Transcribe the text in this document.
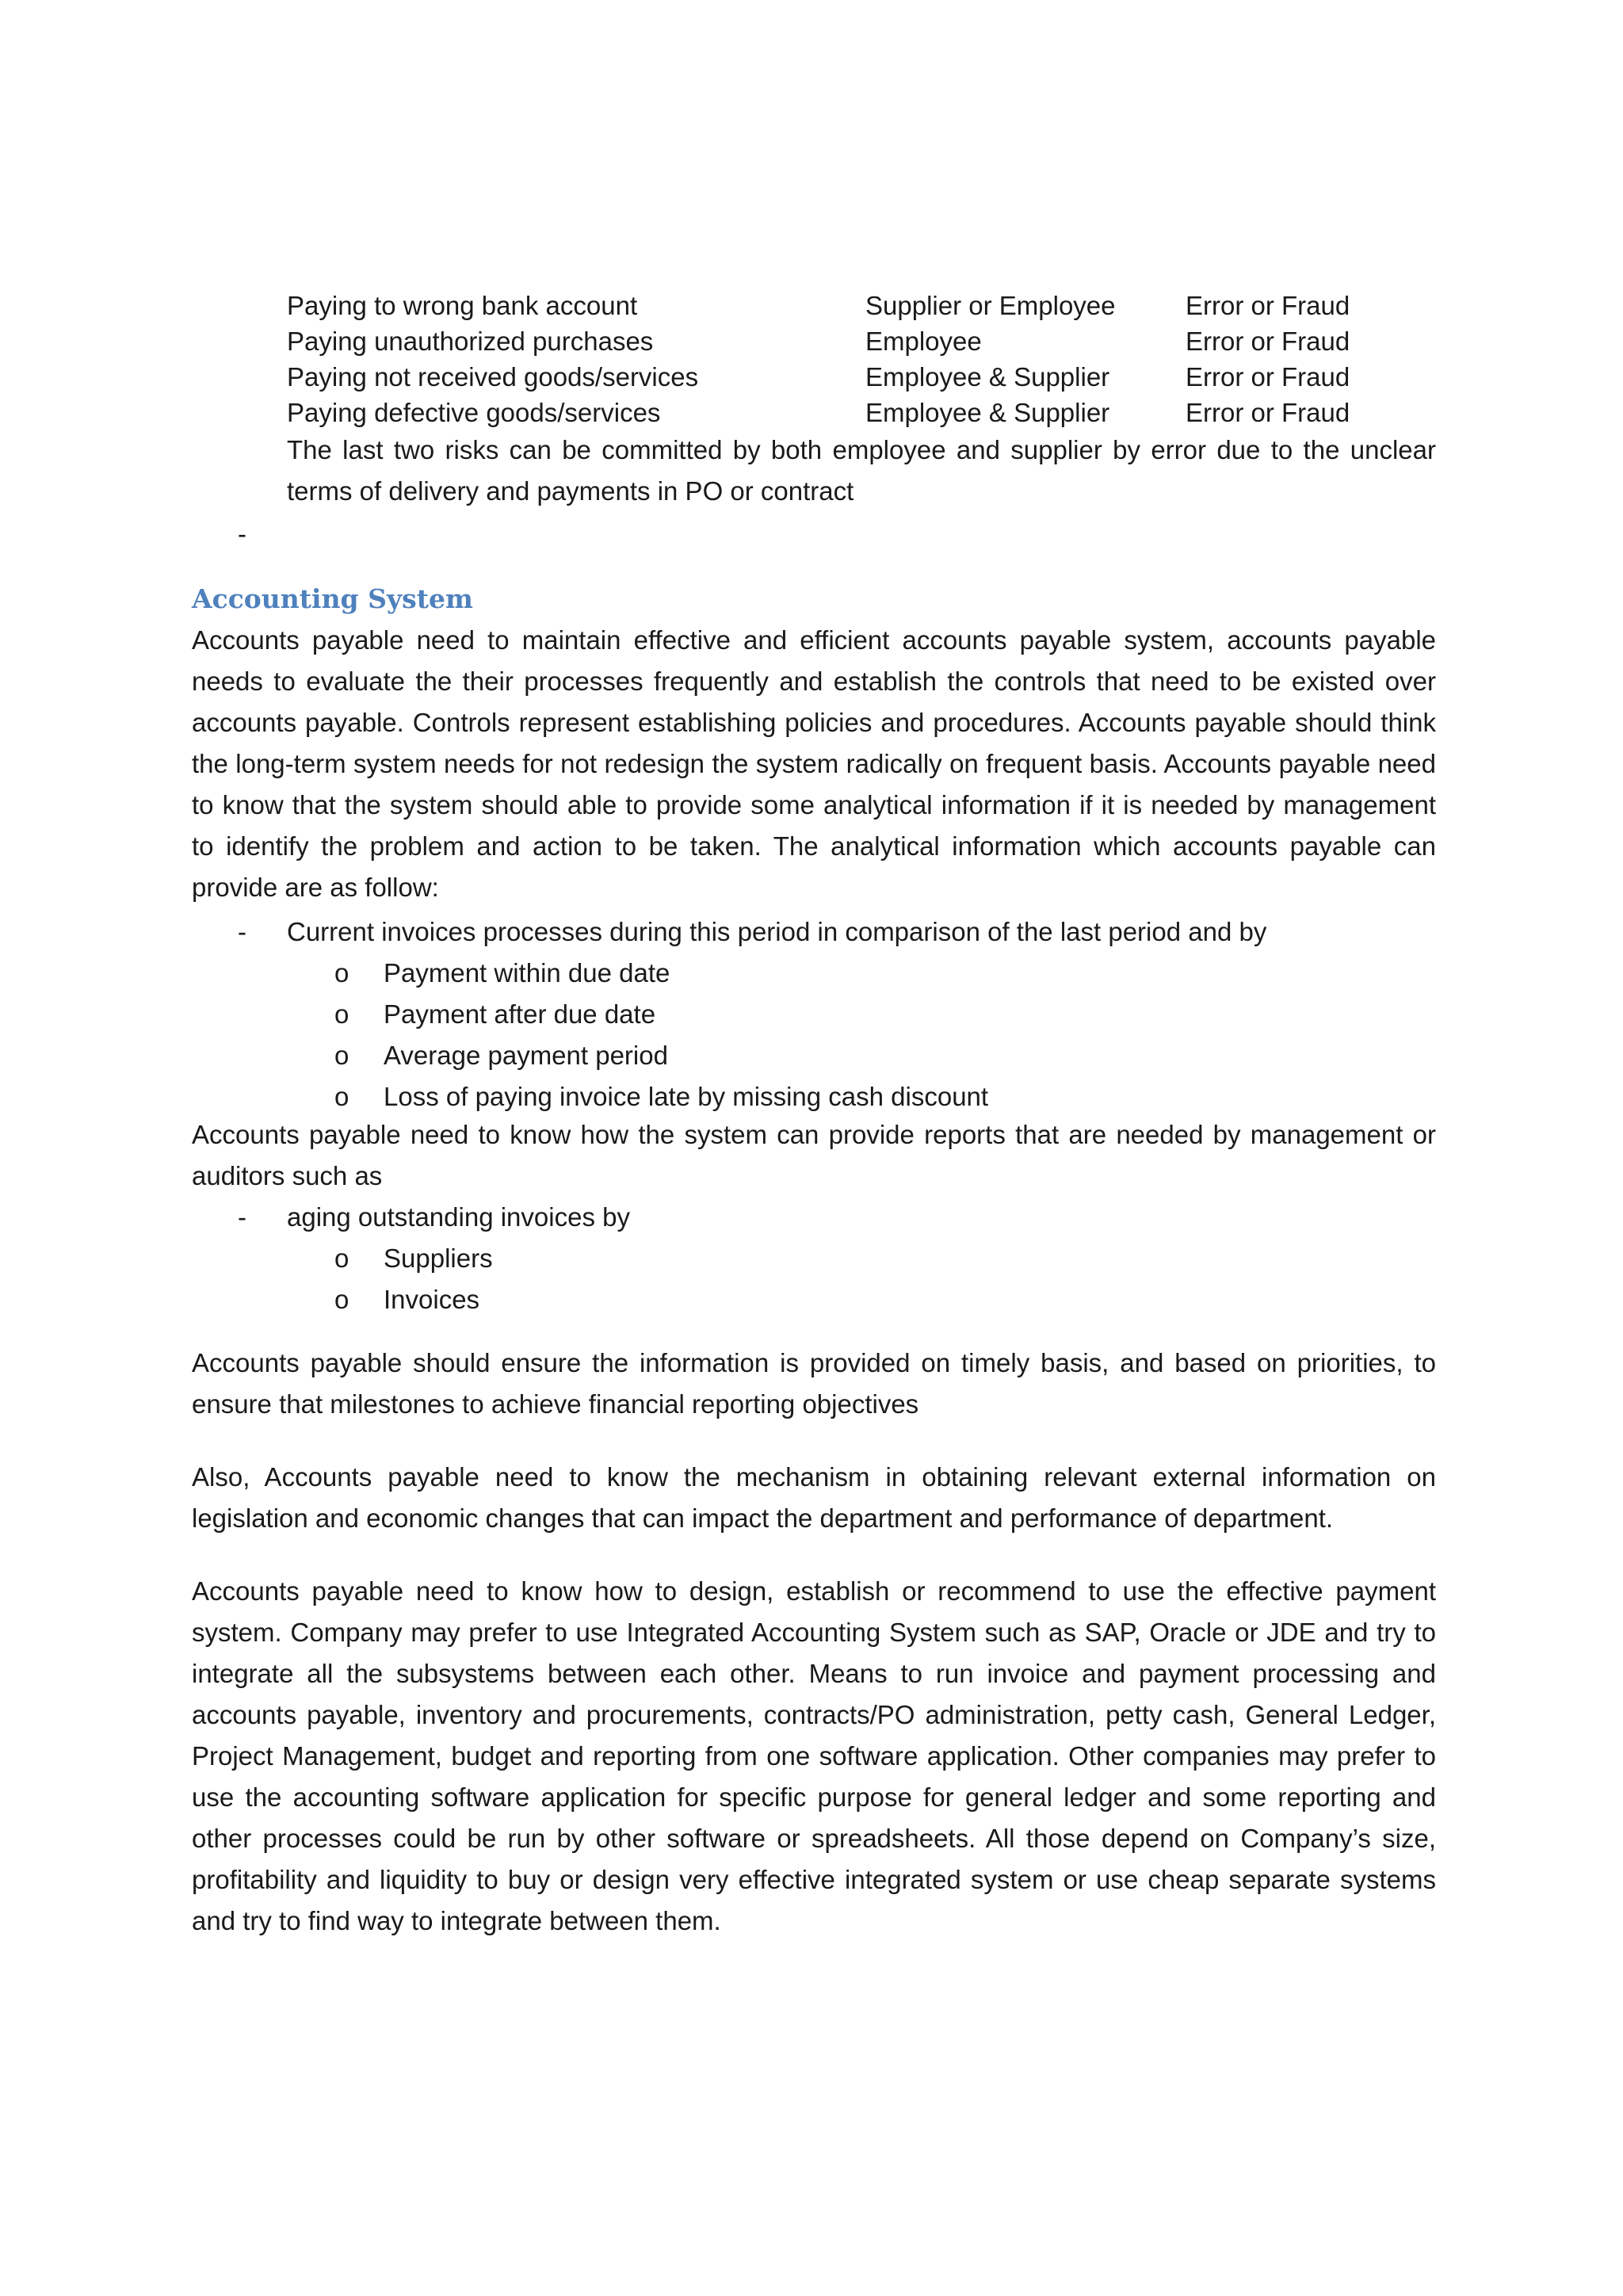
Paying to wrong bank account	Supplier or Employee	Error or Fraud
Paying unauthorized purchases	Employee	Error or Fraud
Paying not received goods/services	Employee & Supplier	Error or Fraud
Paying defective goods/services	Employee & Supplier	Error or Fraud
The last two risks can be committed by both employee and supplier by error due to the unclear terms of delivery and payments in PO or contract
-
Accounting System
Accounts payable need to maintain effective and efficient accounts payable system, accounts payable needs to evaluate the their processes frequently and establish the controls that need to be existed over accounts payable. Controls represent establishing policies and procedures. Accounts payable should think the long-term system needs for not redesign the system radically on frequent basis. Accounts payable need to know that the system should able to provide some analytical information if it is needed by management to identify the problem and action to be taken. The analytical information which accounts payable can provide are as follow:
- Current invoices processes during this period in comparison of the last period and by
o Payment within due date
o Payment after due date
o Average payment period
o Loss of paying invoice late by missing cash discount
Accounts payable need to know how the system can provide reports that are needed by management or auditors such as
- aging outstanding invoices by
o Suppliers
o Invoices
Accounts payable should ensure the information is provided on timely basis, and based on priorities, to ensure that milestones to achieve financial reporting objectives
Also, Accounts payable need to know the mechanism in obtaining relevant external information on legislation and economic changes that can impact the department and performance of department.
Accounts payable need to know how to design, establish or recommend to use the effective payment system. Company may prefer to use Integrated Accounting System such as SAP, Oracle or JDE and try to integrate all the subsystems between each other. Means to run invoice and payment processing and accounts payable, inventory and procurements, contracts/PO administration, petty cash, General Ledger, Project Management, budget and reporting from one software application. Other companies may prefer to use the accounting software application for specific purpose for general ledger and some reporting and other processes could be run by other software or spreadsheets. All those depend on Company’s size, profitability and liquidity to buy or design very effective integrated system or use cheap separate systems and try to find way to integrate between them.
